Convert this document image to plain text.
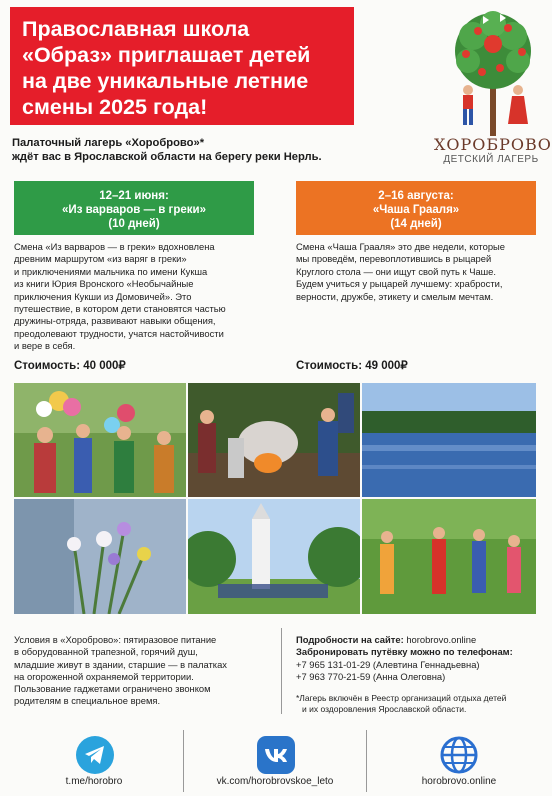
Православная школа
«Образ» приглашает детей
на две уникальные летние
смены 2025 года!
ХОРОБРОВО
ДЕТСКИЙ ЛАГЕРЬ
Палаточный лагерь «Хороброво»*
ждёт вас в Ярославской области на берегу реки Нерль.
12–21 июня:
«Из варваров — в греки»
(10 дней)
2–16 августа:
«Чаша Грааля»
(14 дней)
Смена «Из варваров — в греки» вдохновлена
древним маршрутом «из варяг в греки»
и приключениями мальчика по имени Кукша
из книги Юрия Вронского «Необычайные
приключения Кукши из Домовичей». Это
путешествие, в котором дети становятся частью
дружины-отряда, развивают навыки общения,
преодолевают трудности, учатся настойчивости
и вере в себя.
Стоимость: 40 000₽
Смена «Чаша Грааля» это две недели, которые
мы проведём, перевоплотившись в рыцарей
Круглого стола — они ищут свой путь к Чаше.
Будем учиться у рыцарей лучшему: храбрости,
верности, дружбе, этикету и смелым мечтам.
Стоимость: 49 000₽
Условия в «Хороброво»: пятиразовое питание
в оборудованной трапезной, горячий душ,
младшие живут в здании, старшие — в палатках
на огороженной охраняемой территории.
Пользование гаджетами ограничено звонком
родителям в специальное время.
Подробности на сайте: horobrovo.online
Забронировать путёвку можно по телефонам:
+7 965 131-01-29 (Алевтина Геннадьевна)
+7 963 770-21-59 (Анна Олеговна)
*Лагерь включён в Реестр организаций отдыха детей
и их оздоровления Ярославской области.
t.me/horobro	vk.com/horobrovskoe_leto	horobrovo.online
